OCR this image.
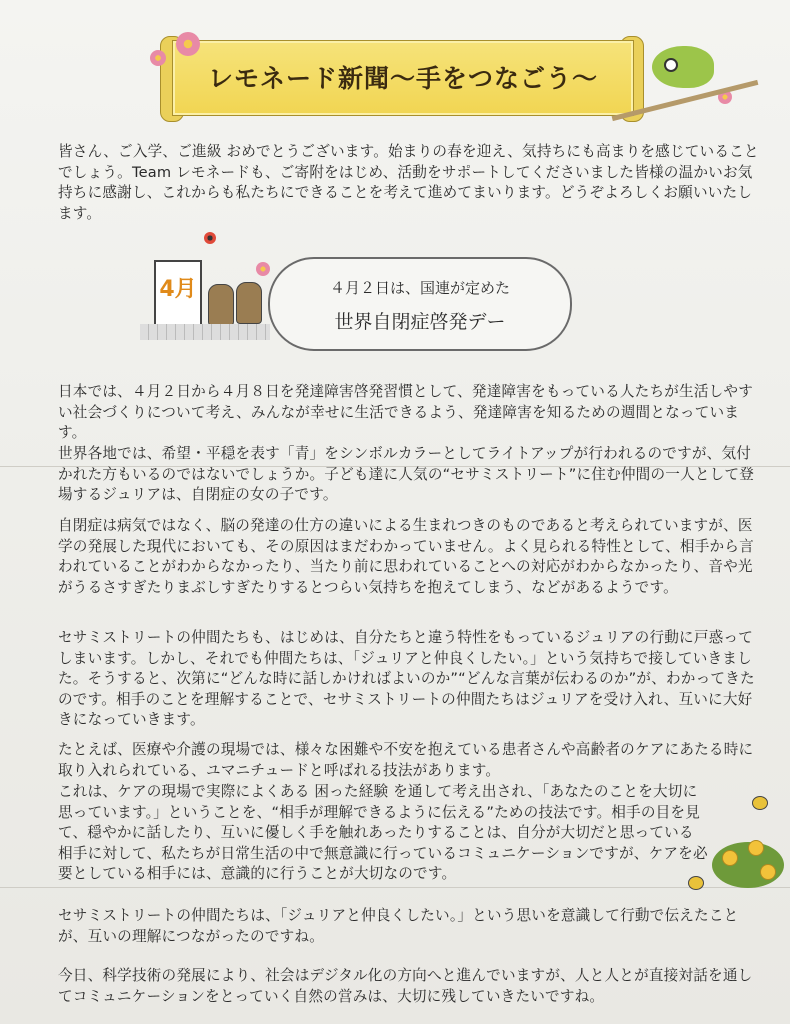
レモネード新聞〜手をつなごう〜

皆さん、ご入学、ご進級 おめでとうございます。始まりの春を迎え、気持ちにも高まりを感じていることでしょう。Team レモネードも、ご寄附をはじめ、活動をサポートしてくださいました皆様の温かいお気持ちに感謝し、これからも私たちにできることを考えて進めてまいります。どうぞよろしくお願いいたします。

4月	４月２日は、国連が定めた
世界自閉症啓発デー

日本では、４月２日から４月８日を発達障害啓発習慣として、発達障害をもっている人たちが生活しやすい社会づくりについて考え、みんなが幸せに生活できるよう、発達障害を知るための週間となっています。

世界各地では、希望・平穏を表す「青」をシンボルカラーとしてライトアップが行われるのですが、気付かれた方もいるのではないでしょうか。子ども達に人気の“セサミストリート”に住む仲間の一人として登場するジュリアは、自閉症の女の子です。

自閉症は病気ではなく、脳の発達の仕方の違いによる生まれつきのものであると考えられていますが、医学の発展した現代においても、その原因はまだわかっていません。よく見られる特性として、相手から言われていることがわからなかったり、当たり前に思われていることへの対応がわからなかったり、音や光がうるさすぎたりまぶしすぎたりするとつらい気持ちを抱えてしまう、などがあるようです。

セサミストリートの仲間たちも、はじめは、自分たちと違う特性をもっているジュリアの行動に戸惑ってしまいます。しかし、それでも仲間たちは、「ジュリアと仲良くしたい。」という気持ちで接していきました。そうすると、次第に“どんな時に話しかければよいのか”“どんな言葉が伝わるのか”が、わかってきたのです。相手のことを理解することで、セサミストリートの仲間たちはジュリアを受け入れ、互いに大好きになっていきます。

たとえば、医療や介護の現場では、様々な困難や不安を抱えている患者さんや高齢者のケアにあたる時に取り入れられている、ユマニチュードと呼ばれる技法があります。

これは、ケアの現場で実際によくある 困った経験 を通して考え出され、「あなたのことを大切に思っています。」ということを、“相手が理解できるように伝える”ための技法です。相手の目を見て、穏やかに話したり、互いに優しく手を触れあったりすることは、自分が大切だと思っている相手に対して、私たちが日常生活の中で無意識に行っているコミュニケーションですが、ケアを必要としている相手には、意識的に行うことが大切なのです。

セサミストリートの仲間たちは、「ジュリアと仲良くしたい。」という思いを意識して行動で伝えたことが、互いの理解につながったのですね。

今日、科学技術の発展により、社会はデジタル化の方向へと進んでいますが、人と人とが直接対話を通してコミュニケーションをとっていく自然の営みは、大切に残していきたいですね。
